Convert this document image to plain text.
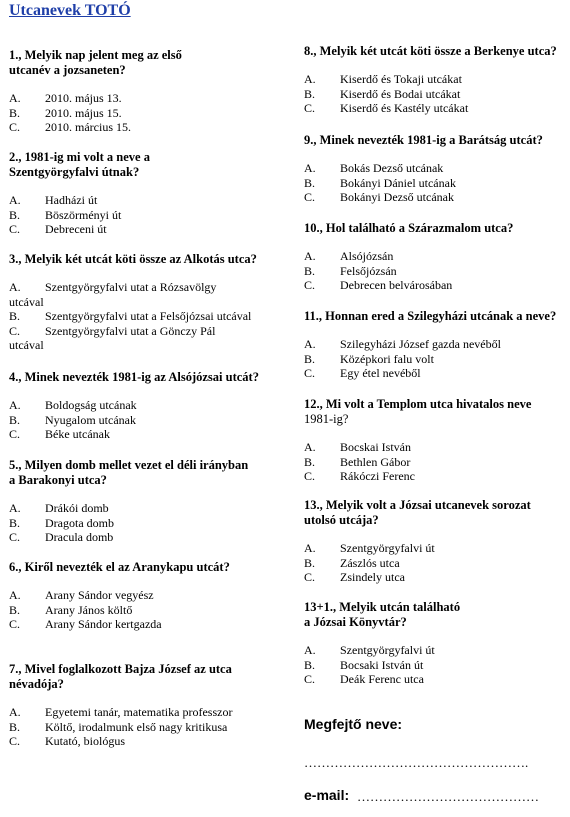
Utcanevek TOTÓ
1., Melyik nap jelent meg az első
utcanév a jozsaneten?
A.	2010. május 13.
B.	2010. május 15.
C.	2010. március 15.
2., 1981-ig mi volt a neve a
Szentgyörgyfalvi útnak?
A.	Hadházi út
B.	Böszörményi út
C.	Debreceni út
3., Melyik két utcát köti össze az Alkotás utca?
A.	Szentgyörgyfalvi utat a Rózsavölgy
utcával
B.	Szentgyörgyfalvi utat a Felsőjózsai utcával
C.	Szentgyörgyfalvi utat a Gönczy Pál
utcával
4., Minek nevezték 1981-ig az Alsójózsai utcát?
A.	Boldogság utcának
B.	Nyugalom utcának
C.	Béke utcának
5., Milyen domb mellet vezet el déli irányban
a Barakonyi utca?
A.	Drákói domb
B.	Dragota domb
C.	Dracula domb
6., Kiről nevezték el az Aranykapu utcát?
A.	Arany Sándor vegyész
B.	Arany János költő
C.	Arany Sándor kertgazda
7., Mivel foglalkozott Bajza József az utca
névadója?
A.	Egyetemi tanár, matematika professzor
B.	Költő, irodalmunk első nagy kritikusa
C.	Kutató, biológus
8., Melyik két utcát köti össze a Berkenye utca?
A.	Kiserdő és Tokaji utcákat
B.	Kiserdő és Bodai utcákat
C.	Kiserdő és Kastély utcákat
9., Minek nevezték 1981-ig a Barátság utcát?
A.	Bokás Dezső utcának
B.	Bokányi Dániel utcának
C.	Bokányi Dezső utcának
10., Hol található a Szárazmalom utca?
A.	Alsójózsán
B.	Felsőjózsán
C.	Debrecen belvárosában
11., Honnan ered a Szilegyházi utcának a neve?
A.	Szilegyházi József gazda nevéből
B.	Középkori falu volt
C.	Egy étel nevéből
12., Mi volt a Templom utca hivatalos neve
1981-ig?
A.	Bocskai István
B.	Bethlen Gábor
C.	Rákóczi Ferenc
13., Melyik volt a Józsai utcanevek sorozat
utolsó utcája?
A.	Szentgyörgyfalvi út
B.	Zászlós utca
C.	Zsindely utca
13+1., Melyik utcán található
a Józsai Könyvtár?
A.	Szentgyörgyfalvi út
B.	Bocsaki István út
C.	Deák Ferenc utca
Megfejtő neve:
…………………………………………….
e-mail: ……………………………………
